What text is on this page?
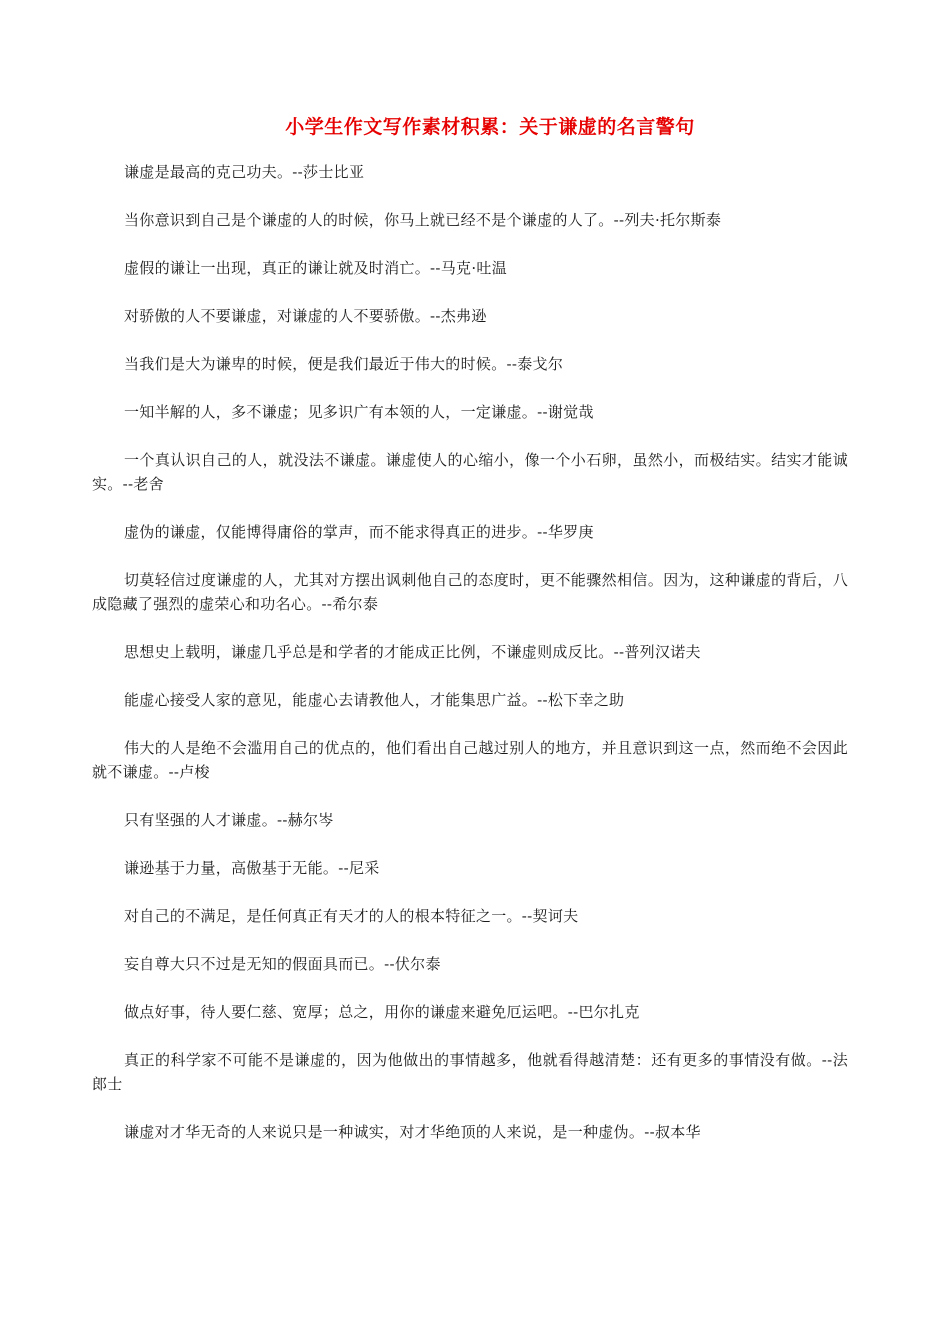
小学生作文写作素材积累：关于谦虚的名言警句
谦虚是最高的克己功夫。--莎士比亚
当你意识到自己是个谦虚的人的时候，你马上就已经不是个谦虚的人了。--列夫·托尔斯泰
虚假的谦让一出现，真正的谦让就及时消亡。--马克·吐温
对骄傲的人不要谦虚，对谦虚的人不要骄傲。--杰弗逊
当我们是大为谦卑的时候，便是我们最近于伟大的时候。--泰戈尔
一知半解的人，多不谦虚；见多识广有本领的人，一定谦虚。--谢觉哉
一个真认识自己的人，就没法不谦虚。谦虚使人的心缩小，像一个小石卵，虽然小，而极结实。结实才能诚实。--老舍
虚伪的谦虚，仅能博得庸俗的掌声，而不能求得真正的进步。--华罗庚
切莫轻信过度谦虚的人，尤其对方摆出讽刺他自己的态度时，更不能骤然相信。因为，这种谦虚的背后，八成隐藏了强烈的虚荣心和功名心。--希尔泰
思想史上载明，谦虚几乎总是和学者的才能成正比例，不谦虚则成反比。--普列汉诺夫
能虚心接受人家的意见，能虚心去请教他人，才能集思广益。--松下幸之助
伟大的人是绝不会滥用自己的优点的，他们看出自己越过别人的地方，并且意识到这一点，然而绝不会因此就不谦虚。--卢梭
只有坚强的人才谦虚。--赫尔岑
谦逊基于力量，高傲基于无能。--尼采
对自己的不满足，是任何真正有天才的人的根本特征之一。--契诃夫
妄自尊大只不过是无知的假面具而已。--伏尔泰
做点好事，待人要仁慈、宽厚；总之，用你的谦虚来避免厄运吧。--巴尔扎克
真正的科学家不可能不是谦虚的，因为他做出的事情越多，他就看得越清楚：还有更多的事情没有做。--法郎士
谦虚对才华无奇的人来说只是一种诚实，对才华绝顶的人来说，是一种虚伪。--叔本华
